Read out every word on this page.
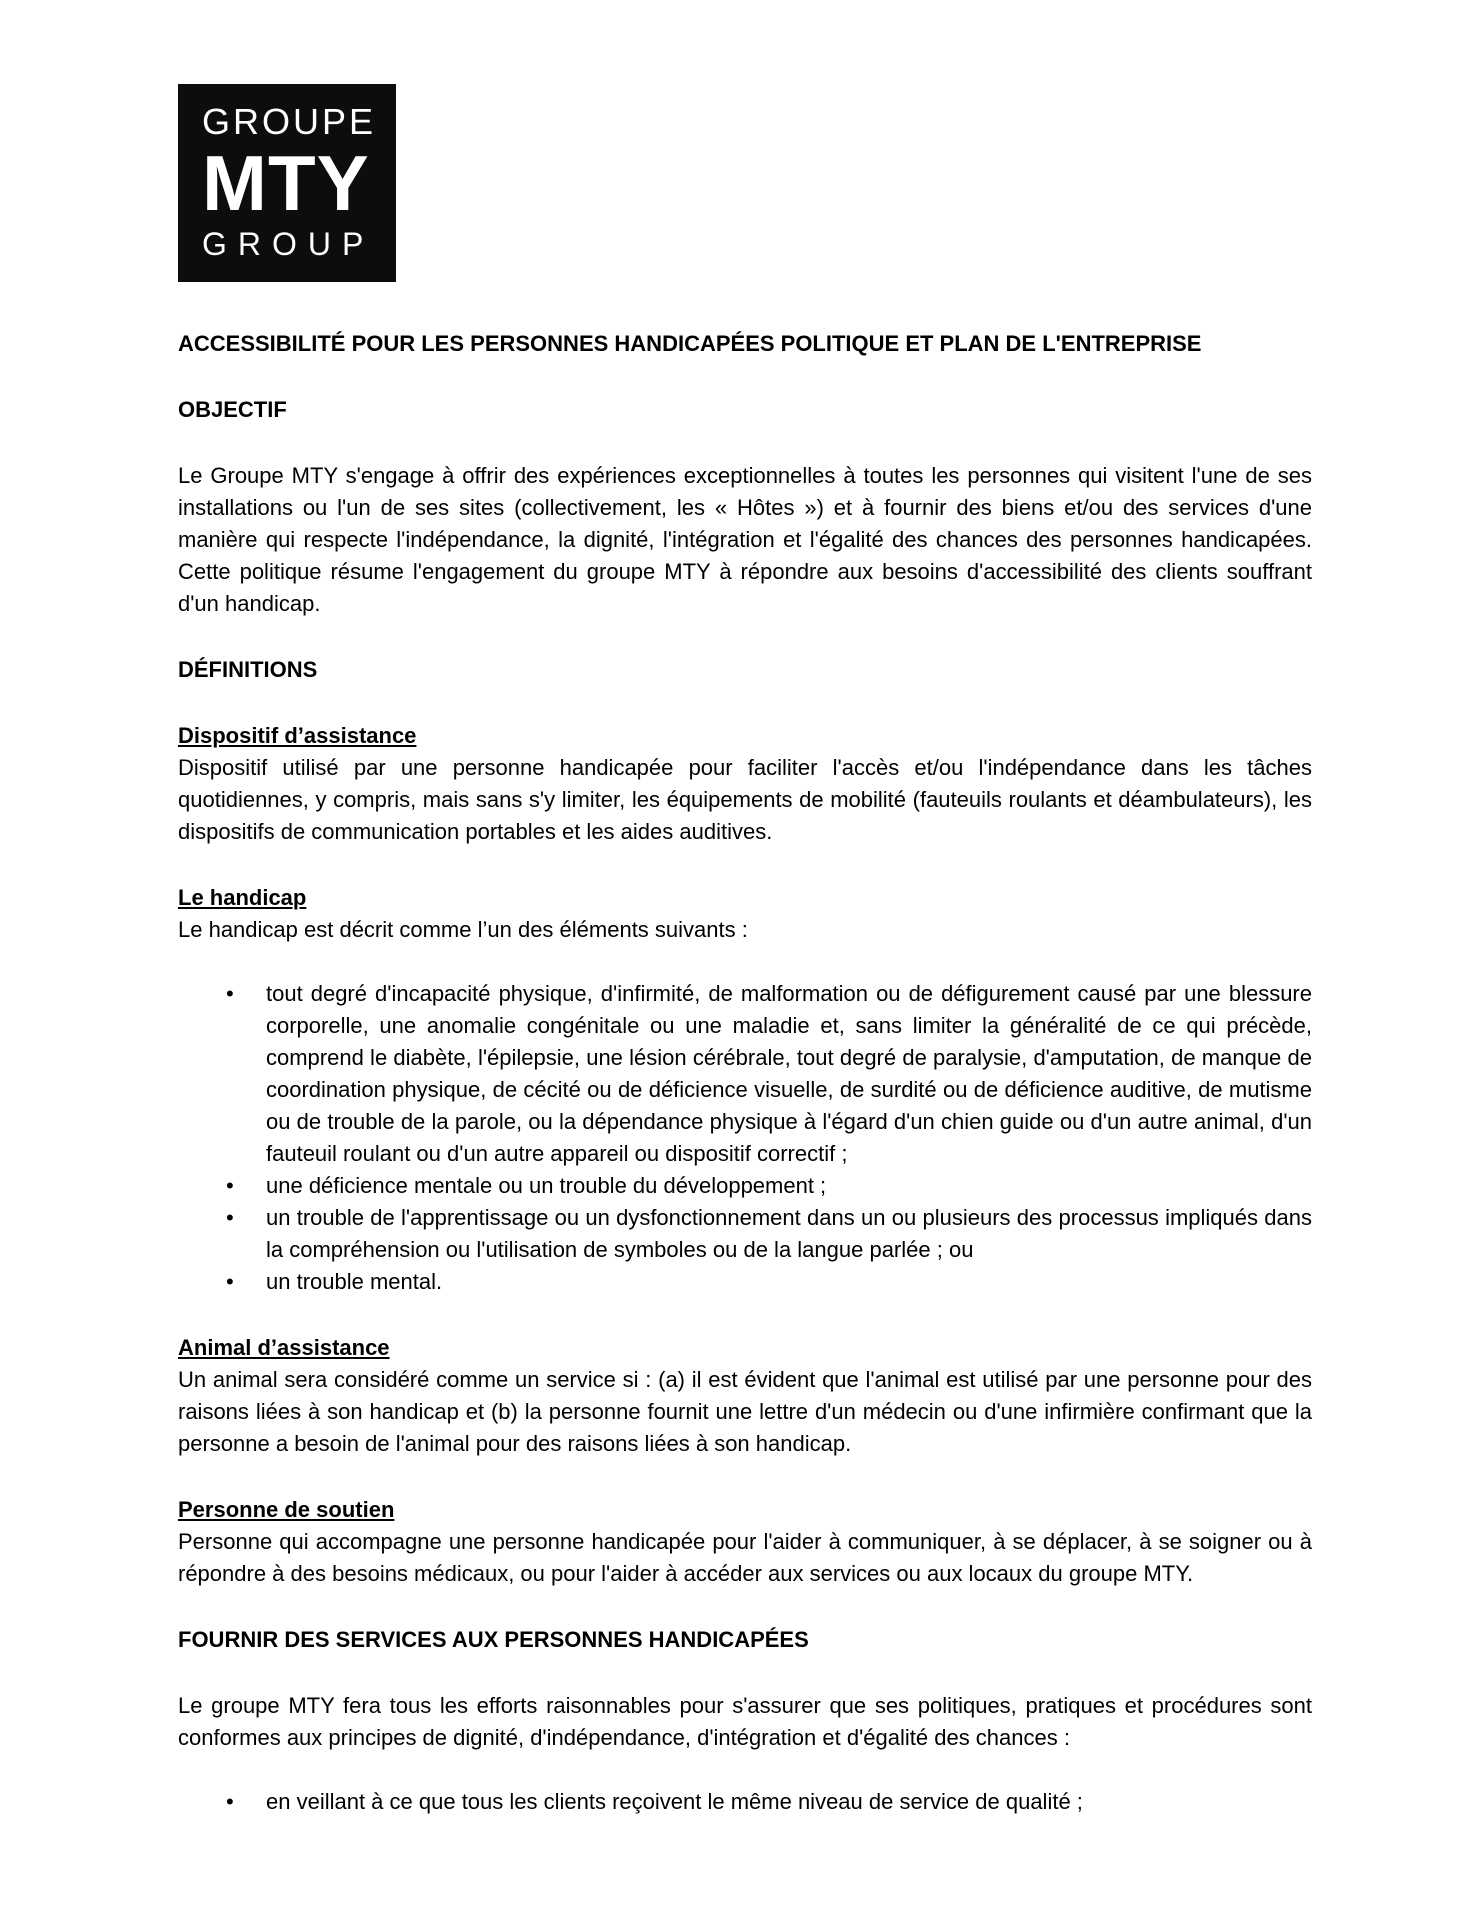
GROUPE
MTY
GROUP
ACCESSIBILITÉ POUR LES PERSONNES HANDICAPÉES POLITIQUE ET PLAN DE L'ENTREPRISE
OBJECTIF

Le Groupe MTY s'engage à offrir des expériences exceptionnelles à toutes les personnes qui visitent l'une de ses installations ou l'un de ses sites (collectivement, les « Hôtes ») et à fournir des biens et/ou des services d'une manière qui respecte l'indépendance, la dignité, l'intégration et l'égalité des chances des personnes handicapées. Cette politique résume l'engagement du groupe MTY à répondre aux besoins d'accessibilité des clients souffrant d'un handicap.

DÉFINITIONS
Dispositif d’assistance

Dispositif utilisé par une personne handicapée pour faciliter l'accès et/ou l'indépendance dans les tâches quotidiennes, y compris, mais sans s'y limiter, les équipements de mobilité (fauteuils roulants et déambulateurs), les dispositifs de communication portables et les aides auditives.

Le handicap

Le handicap est décrit comme l’un des éléments suivants :

• tout degré d'incapacité physique, d'infirmité, de malformation ou de défigurement causé par une blessure corporelle, une anomalie congénitale ou une maladie et, sans limiter la généralité de ce qui précède, comprend le diabète, l'épilepsie, une lésion cérébrale, tout degré de paralysie, d'amputation, de manque de coordination physique, de cécité ou de déficience visuelle, de surdité ou de déficience auditive, de mutisme ou de trouble de la parole, ou la dépendance physique à l'égard d'un chien guide ou d'un autre animal, d'un fauteuil roulant ou d'un autre appareil ou dispositif correctif ;
• une déficience mentale ou un trouble du développement ;
• un trouble de l'apprentissage ou un dysfonctionnement dans un ou plusieurs des processus impliqués dans la compréhension ou l'utilisation de symboles ou de la langue parlée ; ou
• un trouble mental.
Animal d’assistance

Un animal sera considéré comme un service si : (a) il est évident que l'animal est utilisé par une personne pour des raisons liées à son handicap et (b) la personne fournit une lettre d'un médecin ou d'une infirmière confirmant que la personne a besoin de l'animal pour des raisons liées à son handicap.

Personne de soutien

Personne qui accompagne une personne handicapée pour l'aider à communiquer, à se déplacer, à se soigner ou à répondre à des besoins médicaux, ou pour l'aider à accéder aux services ou aux locaux du groupe MTY.

FOURNIR DES SERVICES AUX PERSONNES HANDICAPÉES

Le groupe MTY fera tous les efforts raisonnables pour s'assurer que ses politiques, pratiques et procédures sont conformes aux principes de dignité, d'indépendance, d'intégration et d'égalité des chances :

• en veillant à ce que tous les clients reçoivent le même niveau de service de qualité ;
